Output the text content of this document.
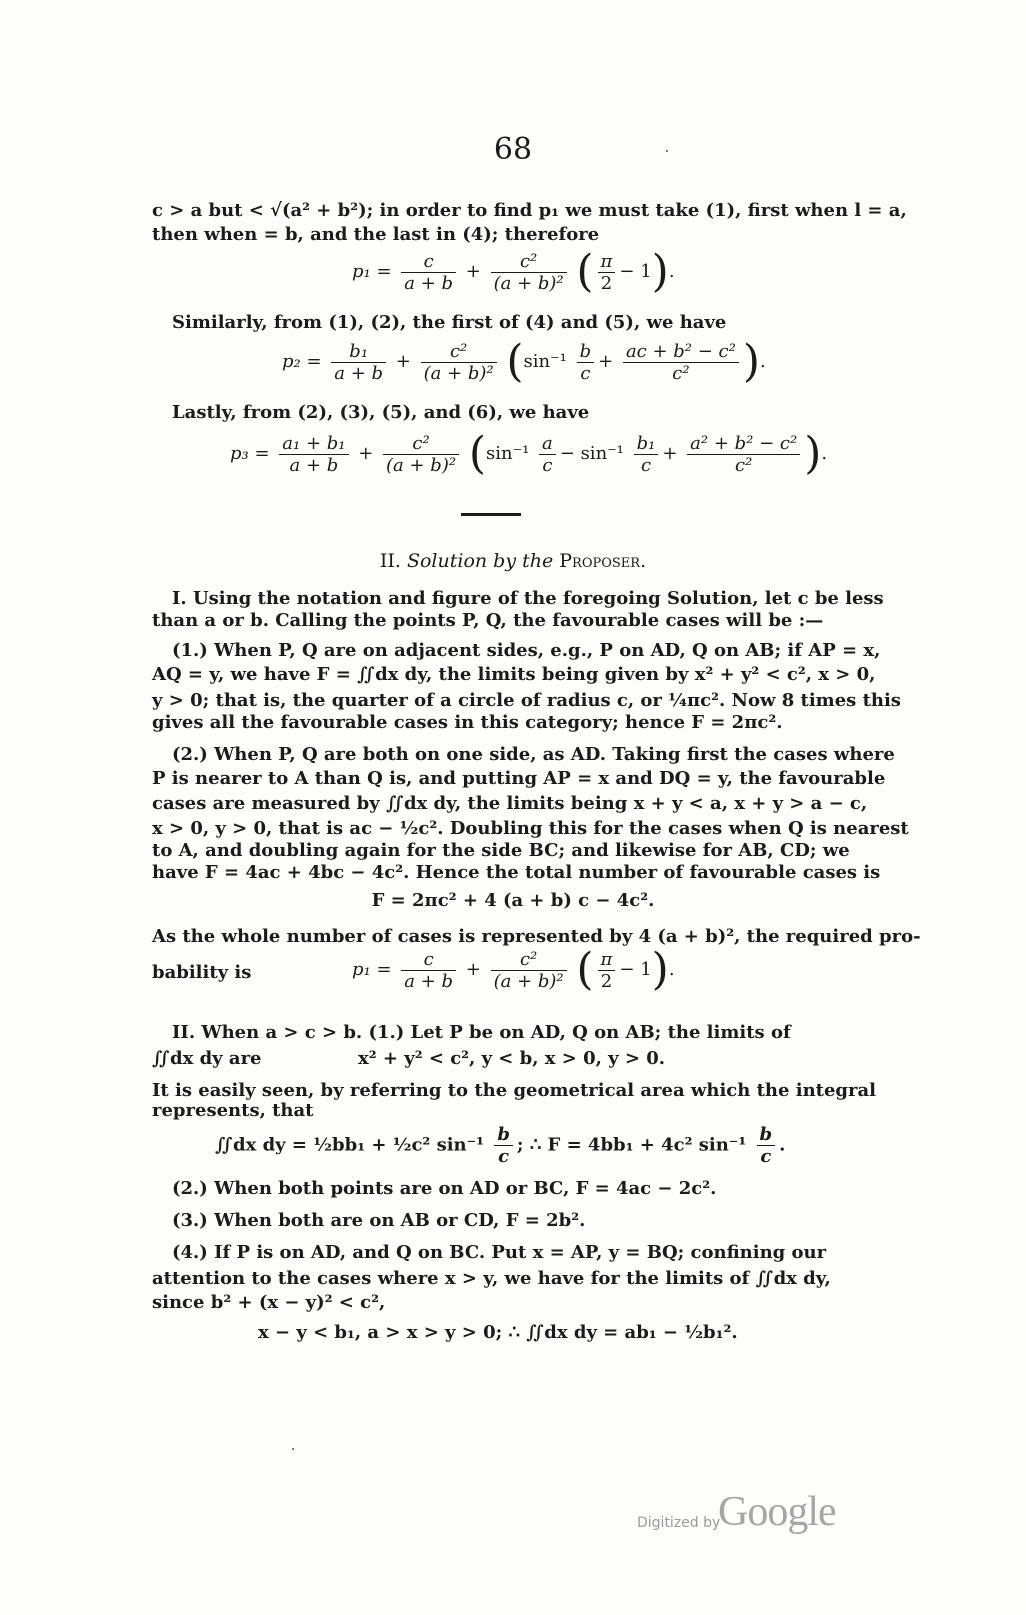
68
c > a but < √(a² + b²); in order to find p₁ we must take (1), first when l = a,
then when = b, and the last in (4); therefore
$p_1 = \frac{c}{a + b} + \frac{\text{c²}}{\text{(a + b)²}}$ ( $\frac{\pi}{2} - 1$).
Similarly, from (1), (2), the first of (4) and (5), we have
$p_2 = \frac{\text{b₁}}{a + b} + \frac{\text{c²}}{\text{(a + b)²}} (\sin^{-1} \frac{b}{c} + \frac{\text{ac + b² − c²}}{\text{c²}}$ ).
Lastly, from (2), (3), (5), and (6), we have
$p_3 = \frac{\text{a₁ + b₁}}{a + b} + \frac{\text{c²}}{\text{(a + b)²}} (\sin^{-1} \frac{a}{c} - \sin^{-1} \frac{\text{b₁}}{c} + \frac{\text{a² + b² − c²}}{\text{c²}}$ ).
II. Solution by the Proposer.
I. Using the notation and figure of the foregoing Solution, let c be less
than a or b. Calling the points P, Q, the favourable cases will be :—
(1.) When P, Q are on adjacent sides, e.g., P on AD, Q on AB; if AP = x,
AQ = y, we have F = ∬dx dy, the limits being given by x² + y² < c², x > 0,
y > 0; that is, the quarter of a circle of radius c, or ¼πc². Now 8 times this
gives all the favourable cases in this category; hence F = 2πc².
(2.) When P, Q are both on one side, as AD. Taking first the cases where
P is nearer to A than Q is, and putting AP = x and DQ = y, the favourable
cases are measured by ∬dx dy, the limits being x + y < a, x + y > a − c,
x > 0, y > 0, that is ac − ½c². Doubling this for the cases when Q is nearest
to A, and doubling again for the side BC; and likewise for AB, CD; we
have F = 4ac + 4bc − 4c². Hence the total number of favourable cases is
F = 2πc² + 4 (a + b) c − 4c².
As the whole number of cases is represented by 4 (a + b)², the required pro-
bability is	$p_1 = \frac{c}{a + b} + \frac{\text{c²}}{\text{(a + b)²}}$ ( $\frac{\pi}{2} - 1$).
II. When a > c > b. (1.) Let P be on AD, Q on AB; the limits of
∬dx dy are	x² + y² < c², y < b, x > 0, y > 0.
It is easily seen, by referring to the geometrical area which the integral
represents, that
∬dx dy = ½bb₁ + ½c² $\sin^{-1} \frac{b}{c}$ ; ∴ F = 4bb₁ + 4c² $\sin^{-1} \frac{b}{c}$ .
(2.) When both points are on AD or BC, F = 4ac − 2c².
(3.) When both are on AB or CD, F = 2b².
(4.) If P is on AD, and Q on BC. Put x = AP, y = BQ; confining our
attention to the cases where x > y, we have for the limits of ∬dx dy,
since b² + (x − y)² < c²,
x − y < b₁, a > x > y > 0; ∴ ∬dx dy = ab₁ − ½b₁².
Digitized by
Google
